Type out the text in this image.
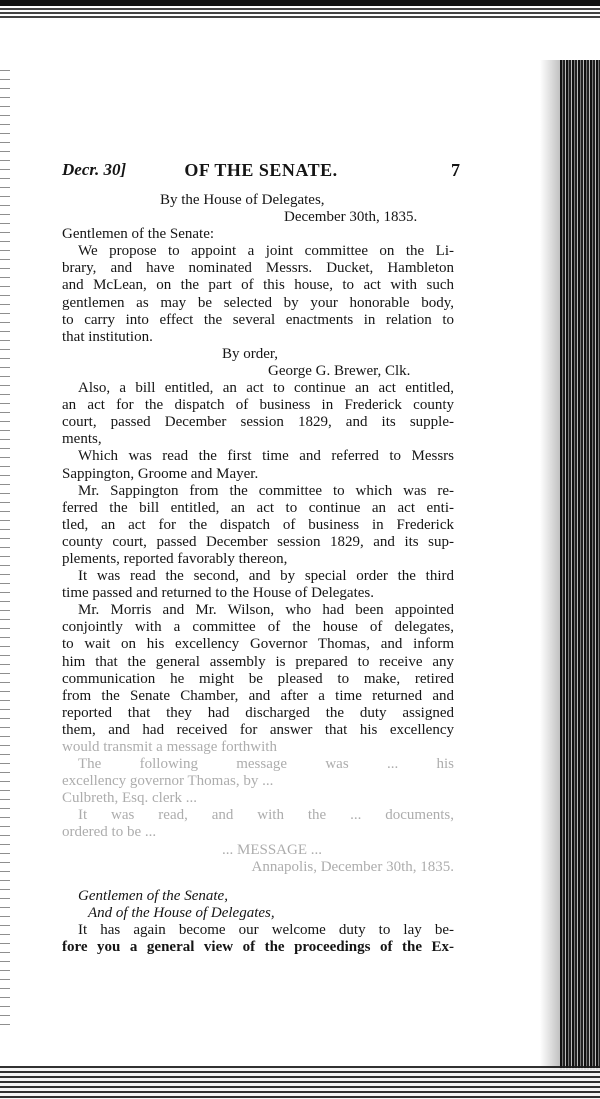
Decr. 30]	OF THE SENATE.	7
By the House of Delegates,
December 30th, 1835.
Gentlemen of the Senate:
We propose to appoint a joint committee on the Li-
brary, and have nominated Messrs. Ducket, Hambleton
and McLean, on the part of this house, to act with such
gentlemen as may be selected by your honorable body,
to carry into effect the several enactments in relation to
that institution.
By order,
George G. Brewer, Clk.
Also, a bill entitled, an act to continue an act entitled,
an act for the dispatch of business in Frederick county
court, passed December session 1829, and its supple-
ments,
Which was read the first time and referred to Messrs
Sappington, Groome and Mayer.
Mr. Sappington from the committee to which was re-
ferred the bill entitled, an act to continue an act enti-
tled, an act for the dispatch of business in Frederick
county court, passed December session 1829, and its sup-
plements, reported favorably thereon,
It was read the second, and by special order the third
time passed and returned to the House of Delegates.
Mr. Morris and Mr. Wilson, who had been appointed
conjointly with a committee of the house of delegates,
to wait on his excellency Governor Thomas, and inform
him that the general assembly is prepared to receive any
communication he might be pleased to make, retired
from the Senate Chamber, and after a time returned and
reported that they had discharged the duty assigned
them, and had received for answer that his excellency
would transmit a message forthwith
The following message was ... his
excellency governor Thomas, by ...
Culbreth, Esq. clerk ...
It was read, and with the ... documents,
ordered to be ...
... MESSAGE ...
Annapolis, December 30th, 1835.
Gentlemen of the Senate,
And of the House of Delegates,
It has again become our welcome duty to lay be-
fore you a general view of the proceedings of the Ex-
